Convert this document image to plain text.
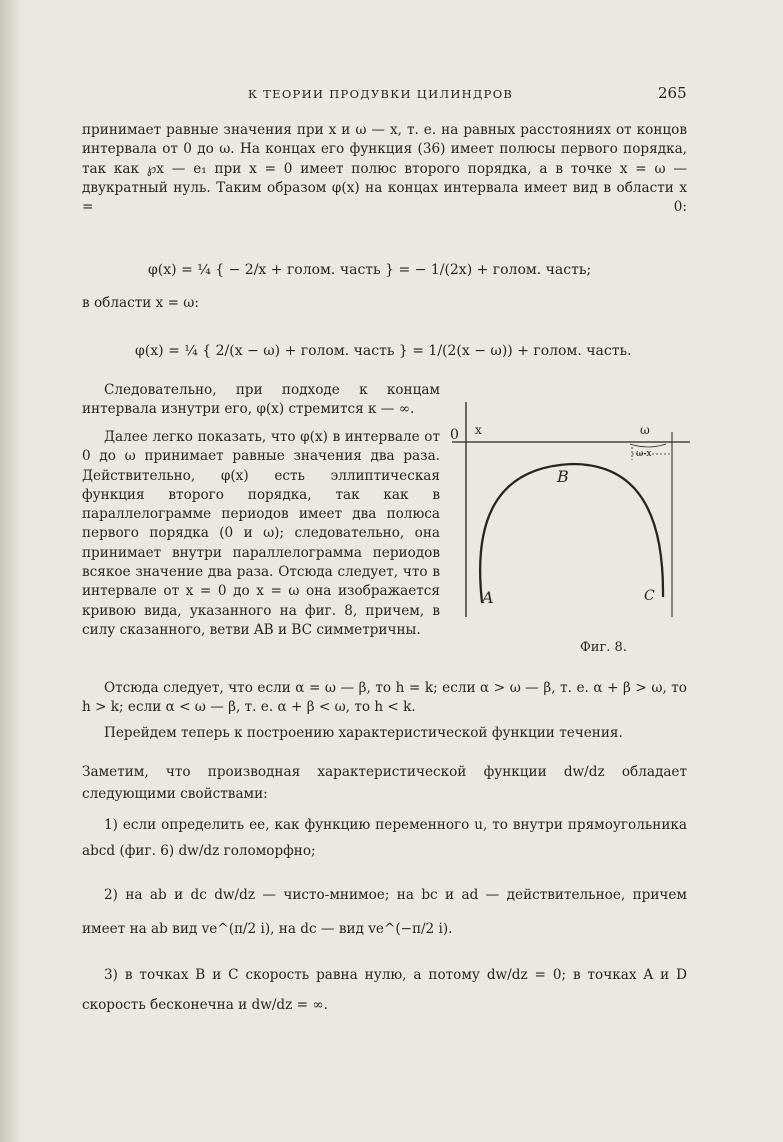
К ТЕОРИИ ПРОДУВКИ ЦИЛИНДРОВ	265

принимает равные значения при x и ω — x, т. е. на равных расстояниях от концов интервала от 0 до ω. На концах его функция (36) имеет полюсы первого порядка, так как ℘x — e₁ при x = 0 имеет полюс второго порядка, а в точке x = ω — двукратный нуль. Таким образом φ(x) на концах интервала имеет вид в области x = 0:

φ(x) = ¼ { − 2/x + голом. часть } = − 1/(2x) + голом. часть;
в области x = ω:
φ(x) = ¼ { 2/(x − ω) + голом. часть } = 1/(2(x − ω)) + голом. часть.

Следовательно, при подходе к концам интервала изнутри его, φ(x) стремится к — ∞.

Далее легко показать, что φ(x) в интервале от 0 до ω принимает равные значения два раза. Действительно, φ(x) есть эллиптическая функция второго порядка, так как в параллелограмме периодов имеет два полюса первого порядка (0 и ω); следовательно, она принимает внутри параллелограмма периодов всякое значение два раза. Отсюда следует, что в интервале от x = 0 до x = ω она изображается кривою вида, указанного на фиг. 8, причем, в силу сказанного, ветви AB и BC симметричны.

0 x	ω
ω-x
B
A	C
Фиг. 8.

Отсюда следует, что если α = ω — β, то h = k; если α > ω — β, т. е. α + β > ω, то h > k; если α < ω — β, т. е. α + β < ω, то h < k.

Перейдем теперь к построению характеристической функции течения.

Заметим, что производная характеристической функции dw/dz обладает следующими свойствами:

1) если определить ее, как функцию переменного u, то внутри прямоугольника abcd (фиг. 6) dw/dz голоморфно;

2) на ab и dc dw/dz — чисто-мнимое; на bc и ad — действительное, причем имеет на ab вид ve^(π/2 i), на dc — вид ve^(−π/2 i).

3) в точках B и C скорость равна нулю, а потому dw/dz = 0; в точках A и D скорость бесконечна и dw/dz = ∞.
